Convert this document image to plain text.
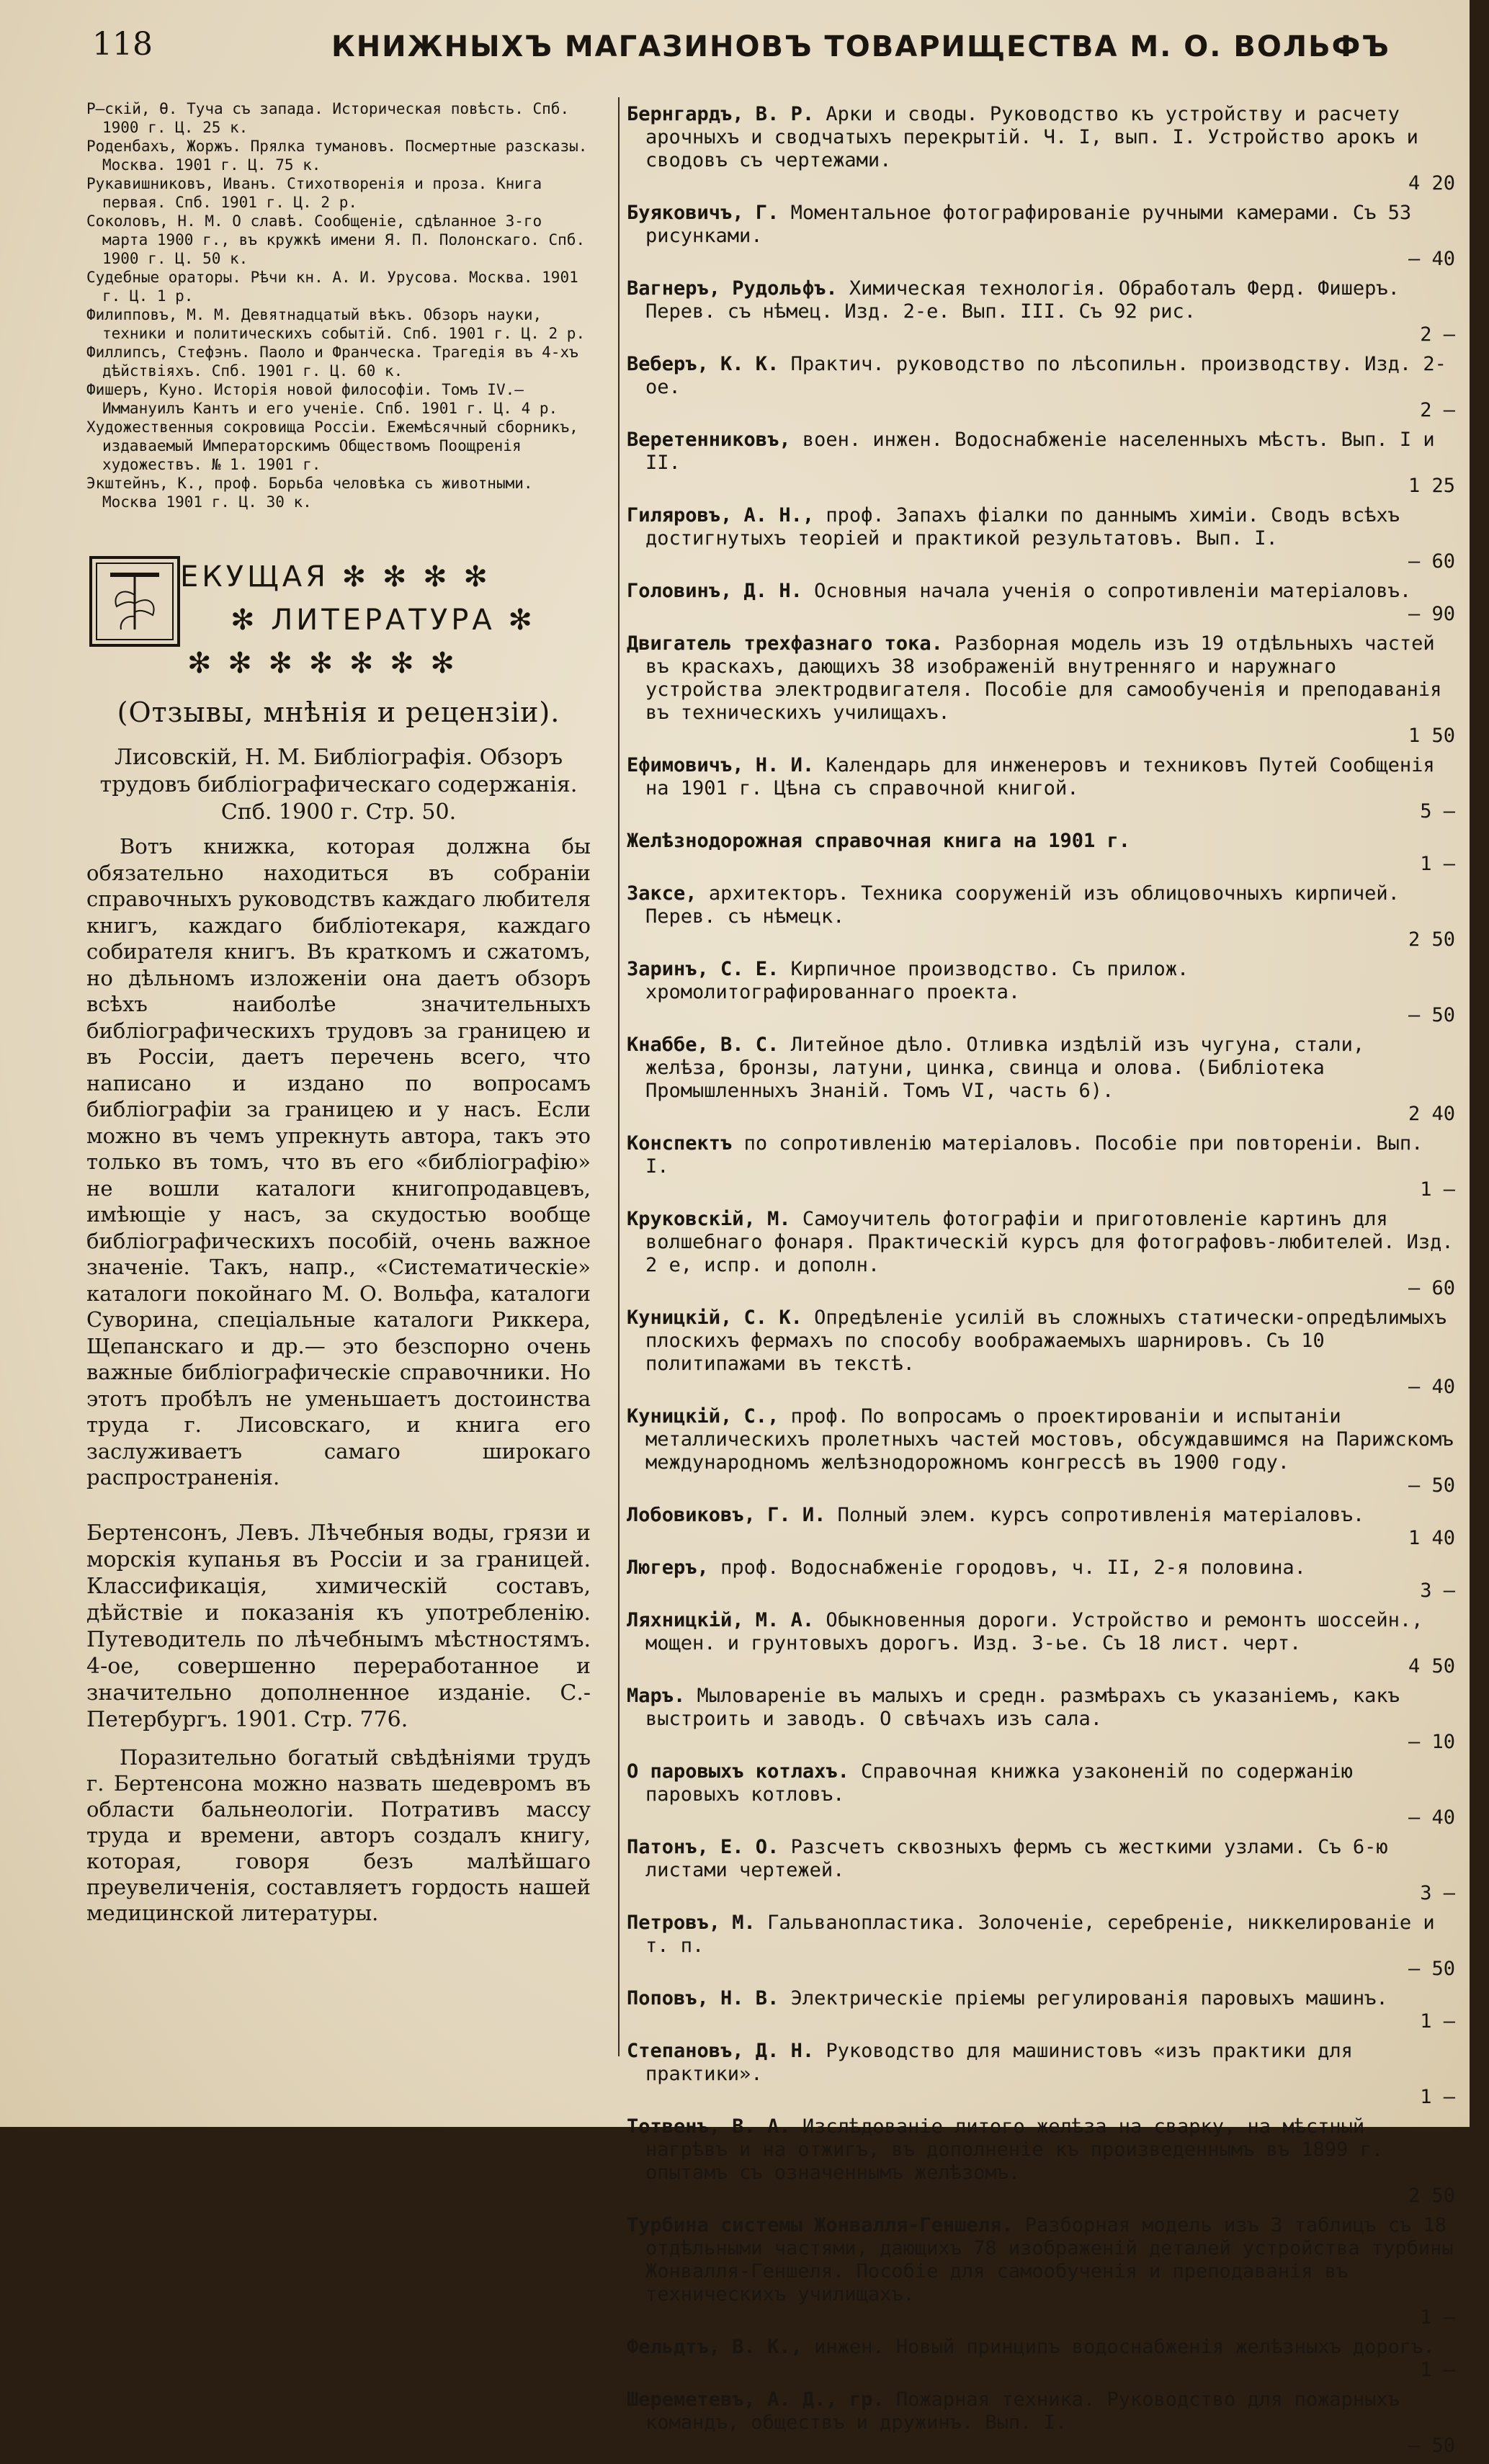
118	КНИЖНЫХЪ МАГАЗИНОВЪ ТОВАРИЩЕСТВА М. О. ВОЛЬФЪ

Р—скій, Ѳ. Туча съ запада. Историческая повѣсть. Спб. 1900 г. Ц. 25 к.

Роденбахъ, Жоржъ. Прялка тумановъ. Посмертные разсказы. Москва. 1901 г. Ц. 75 к.

Рукавишниковъ, Иванъ. Стихотворенія и проза. Книга первая. Спб. 1901 г. Ц. 2 р.

Соколовъ, Н. М. О славѣ. Сообщеніе, сдѣланное 3-го марта 1900 г., въ кружкѣ имени Я. П. Полонскаго. Спб. 1900 г. Ц. 50 к.

Судебные ораторы. Рѣчи кн. А. И. Урусова. Москва. 1901 г. Ц. 1 р.

Филипповъ, М. М. Девятнадцатый вѣкъ. Обзоръ науки, техники и политическихъ событій. Спб. 1901 г. Ц. 2 р.

Филлипсъ, Стефэнъ. Паоло и Франческа. Трагедія въ 4-хъ дѣйствіяхъ. Спб. 1901 г. Ц. 60 к.

Фишеръ, Куно. Исторія новой философіи. Томъ IV.—Иммануилъ Кантъ и его ученіе. Спб. 1901 г. Ц. 4 р.

Художественныя сокровища Россіи. Ежемѣсячный сборникъ, издаваемый Императорскимъ Обществомъ Поощренія художествъ. № 1. 1901 г.

Экштейнъ, К., проф. Борьба человѣка съ животными. Москва 1901 г. Ц. 30 к.

ЕКУЩАЯ ✻ ✻ ✻ ✻
✻ ЛИТЕРАТУРА ✻
✻ ✻ ✻ ✻ ✻ ✻ ✻
(Отзывы, мнѣнія и рецензіи).
Лисовскій, Н. М. Библіографія. Обзоръ трудовъ библіографическаго содержанія. Спб. 1900 г. Стр. 50.

Вотъ книжка, которая должна бы обязательно находиться въ собраніи справочныхъ руководствъ каждаго любителя книгъ, каждаго библіотекаря, каждаго собирателя книгъ. Въ краткомъ и сжатомъ, но дѣльномъ изложеніи она даетъ обзоръ всѣхъ наиболѣе значительныхъ библіографическихъ трудовъ за границею и въ Россіи, даетъ перечень всего, что написано и издано по вопросамъ библіографіи за границею и у насъ. Если можно въ чемъ упрекнуть автора, такъ это только въ томъ, что въ его «библіографію» не вошли каталоги книгопродавцевъ, имѣющіе у насъ, за скудостью вообще библіографическихъ пособій, очень важное значеніе. Такъ, напр., «Систематическіе» каталоги покойнаго М. О. Вольфа, каталоги Суворина, спеціальные каталоги Риккера, Щепанскаго и др.— это безспорно очень важные библіографическіе справочники. Но этотъ пробѣлъ не уменьшаетъ достоинства труда г. Лисовскаго, и книга его заслуживаетъ самаго широкаго распространенія.

Бертенсонъ, Левъ. Лѣчебныя воды, грязи и морскія купанья въ Россіи и за границей. Классификація, химическій составъ, дѣйствіе и показанія къ употребленію. Путеводитель по лѣчебнымъ мѣстностямъ. 4-ое, совершенно переработанное и значительно дополненное изданіе. С.-Петербургъ. 1901. Стр. 776.

Поразительно богатый свѣдѣніями трудъ г. Бертенсона можно назвать шедевромъ въ области бальнеологіи. Потративъ массу труда и времени, авторъ создалъ книгу, которая, говоря безъ малѣйшаго преувеличенія, составляетъ гордость нашей медицинской литературы.

Бернгардъ, В. Р. Арки и своды. Руководство къ устройству и расчету арочныхъ и сводчатыхъ перекрытій. Ч. I, вып. I. Устройство арокъ и сводовъ съ чертежами.
4 20

Буяковичъ, Г. Моментальное фотографированіе ручными камерами. Съ 53 рисунками.
— 40

Вагнеръ, Рудольфъ. Химическая технологія. Обработалъ Ферд. Фишеръ. Перев. съ нѣмец. Изд. 2-е. Вып. III. Съ 92 рис.
2 —

Веберъ, К. К. Практич. руководство по лѣсопильн. производству. Изд. 2-ое.
2 —

Веретенниковъ, воен. инжен. Водоснабженіе населенныхъ мѣстъ. Вып. I и II.
1 25

Гиляровъ, А. Н., проф. Запахъ фіалки по даннымъ химіи. Сводъ всѣхъ достигнутыхъ теоріей и практикой результатовъ. Вып. I.
— 60

Головинъ, Д. Н. Основныя начала ученія о сопротивленіи матеріаловъ.
— 90

Двигатель трехфазнаго тока. Разборная модель изъ 19 отдѣльныхъ частей въ краскахъ, дающихъ 38 изображеній внутренняго и наружнаго устройства электродвигателя. Пособіе для самообученія и преподаванія въ техническихъ училищахъ.
1 50

Ефимовичъ, Н. И. Календарь для инженеровъ и техниковъ Путей Сообщенія на 1901 г. Цѣна съ справочной книгой.
5 —

Желѣзнодорожная справочная книга на 1901 г.
1 —

Заксе, архитекторъ. Техника сооруженій изъ облицовочныхъ кирпичей. Перев. съ нѣмецк.
2 50

Заринъ, С. Е. Кирпичное производство. Съ прилож. хромолитографированнаго проекта.
— 50

Кнаббе, В. С. Литейное дѣло. Отливка издѣлій изъ чугуна, стали, желѣза, бронзы, латуни, цинка, свинца и олова. (Библіотека Промышленныхъ Знаній. Томъ VI, часть 6).
2 40

Конспектъ по сопротивленію матеріаловъ. Пособіе при повтореніи. Вып. I.
1 —

Круковскій, М. Самоучитель фотографіи и приготовленіе картинъ для волшебнаго фонаря. Практическій курсъ для фотографовъ-любителей. Изд. 2 е, испр. и дополн.
— 60

Куницкій, С. К. Опредѣленіе усилій въ сложныхъ статически-опредѣлимыхъ плоскихъ фермахъ по способу воображаемыхъ шарнировъ. Съ 10 политипажами въ текстѣ.
— 40

Куницкій, С., проф. По вопросамъ о проектированіи и испытаніи металлическихъ пролетныхъ частей мостовъ, обсуждавшимся на Парижскомъ международномъ желѣзнодорожномъ конгрессѣ въ 1900 году.
— 50

Лобовиковъ, Г. И. Полный элем. курсъ сопротивленія матеріаловъ.
1 40

Люгеръ, проф. Водоснабженіе городовъ, ч. II, 2-я половина.
3 —

Ляхницкій, М. А. Обыкновенныя дороги. Устройство и ремонтъ шоссейн., мощен. и грунтовыхъ дорогъ. Изд. 3-ье. Съ 18 лист. черт.
4 50

Маръ. Мыловареніе въ малыхъ и средн. размѣрахъ съ указаніемъ, какъ выстроить и заводъ. О свѣчахъ изъ сала.
— 10

О паровыхъ котлахъ. Справочная книжка узаконеній по содержанію паровыхъ котловъ.
— 40

Патонъ, Е. О. Разсчетъ сквозныхъ фермъ съ жесткими узлами. Съ 6-ю листами чертежей.
3 —

Петровъ, М. Гальванопластика. Золоченіе, серебреніе, никкелированіе и т. п.
— 50

Поповъ, Н. В. Электрическіе пріемы регулированія паровыхъ машинъ.
1 —

Степановъ, Д. Н. Руководство для машинистовъ «изъ практики для практики».
1 —

Тотвенъ, В. А. Изслѣдованіе литого желѣза на сварку, на мѣстный нагрѣвъ и на отжигъ, въ дополненіе къ произведеннымъ въ 1899 г. опытамъ съ означеннымъ желѣзомъ.
2 50

Турбина системы Жонвалля-Геншеля. Разборная модель изъ 3 таблицъ съ 18 отдѣльными частями, дающихъ 78 изображеній деталей устройства турбины Жонвалля-Геншеля. Пособіе для самообученія и преподаванія въ техническихъ училищахъ.
1 —

Фельдтъ, В. К., инжен. Новый принципъ водоснабженія желѣзныхъ дорогъ.
1 —

Шереметевъ, А. Д., гр. Пожарная техника. Руководство для пожарныхъ командъ, обществъ и дружинъ. Вып. I.
— 50
